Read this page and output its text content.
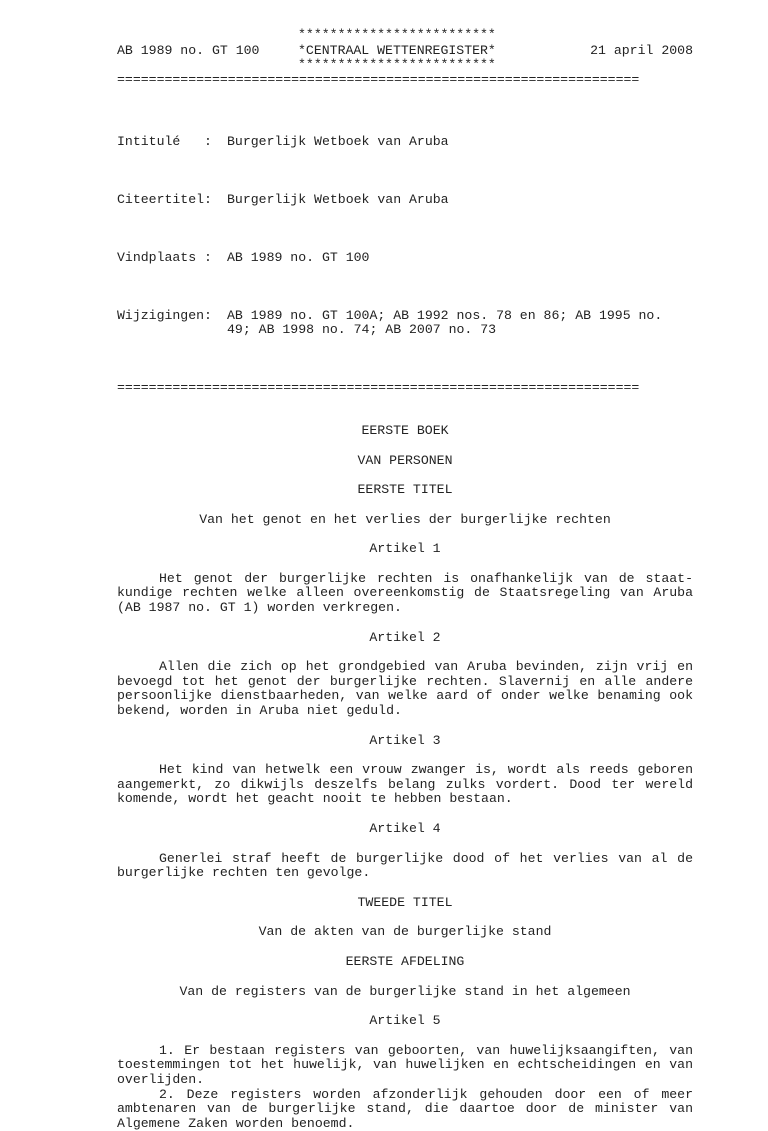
*************************
AB 1989 no. GT 100	*CENTRAAL WETTENREGISTER*	21 april 2008
*************************
==================================================================

Intitulé   :	Burgerlijk Wetboek van Aruba

Citeertitel:	Burgerlijk Wetboek van Aruba

Vindplaats :	AB 1989 no. GT 100

Wijzigingen:	AB 1989 no. GT 100A; AB 1992 nos. 78 en 86; AB 1995 no. 49; AB 1998 no. 74; AB 2007 no. 73

==================================================================
EERSTE BOEK
VAN PERSONEN
EERSTE TITEL
Van het genot en het verlies der burgerlijke rechten
Artikel 1

Het genot der burgerlijke rechten is onafhankelijk van de staatkundige rechten welke alleen overeenkomstig de Staatsregeling van Aruba (AB 1987 no. GT 1) worden verkregen.

Artikel 2

Allen die zich op het grondgebied van Aruba bevinden, zijn vrij en bevoegd tot het genot der burgerlijke rechten. Slavernij en alle andere persoonlijke dienstbaarheden, van welke aard of onder welke benaming ook bekend, worden in Aruba niet geduld.

Artikel 3

Het kind van hetwelk een vrouw zwanger is, wordt als reeds geboren aangemerkt, zo dikwijls deszelfs belang zulks vordert. Dood ter wereld komende, wordt het geacht nooit te hebben bestaan.

Artikel 4

Generlei straf heeft de burgerlijke dood of het verlies van al de burgerlijke rechten ten gevolge.

TWEEDE TITEL
Van de akten van de burgerlijke stand
EERSTE AFDELING
Van de registers van de burgerlijke stand in het algemeen
Artikel 5

1. Er bestaan registers van geboorten, van huwelijksaangiften, van toestemmingen tot het huwelijk, van huwelijken en echtscheidingen en van overlijden.

2. Deze registers worden afzonderlijk gehouden door een of meer ambtenaren van de burgerlijke stand, die daartoe door de minister van Algemene Zaken worden benoemd.
